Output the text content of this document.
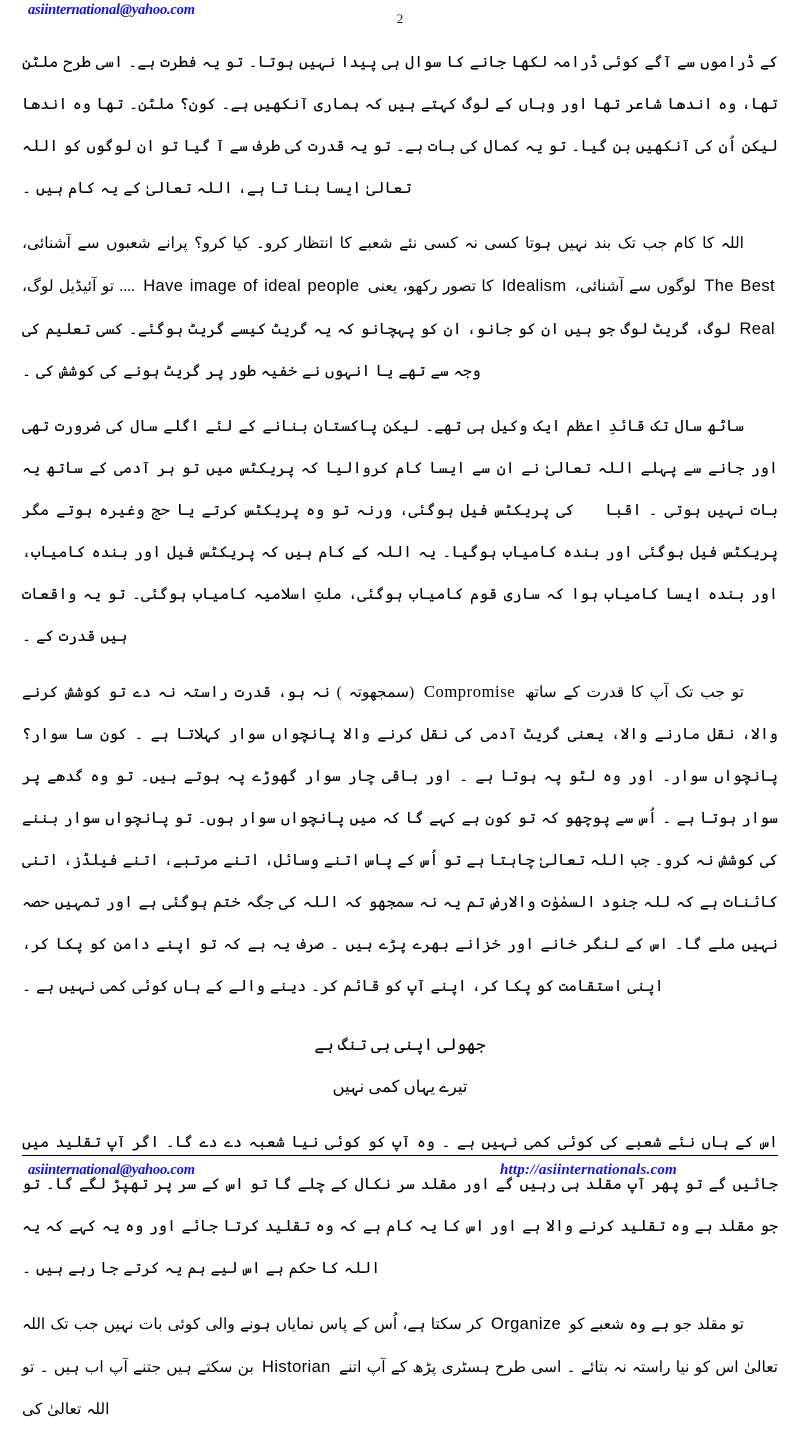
asiinternational@yahoo.com
2

کے ڈراموں سے آگے کوئی ڈرامہ لکھا جانے کا سوال ہی پیدا نہیں ہوتا۔ تو یہ فطرت ہے۔ اسی طرح ملٹن تھا، وہ اندھا شاعر تھا اور وہاں کے لوگ کہتے ہیں کہ ہماری آنکھیں ہے۔ کون؟ ملٹن۔ تھا وہ اندھا لیکن اُن کی آنکھیں بن گیا۔ تو یہ کمال کی بات ہے۔ تو یہ قدرت کی طرف سے آ گیا تو ان لوگوں کو اللہ تعالیٰ ایسا بنا تا ہے، اللہ تعالیٰ کے یہ کام ہیں ۔

اللہ کا کام جب تک بند نہیں ہوتا کسی نہ کسی نئے شعبے کا انتظار کرو۔ کیا کرو؟ پرانے شعبوں سے آشنائی، The Best لوگوں سے آشنائی، Idealism کا تصور رکھو، یعنی Have image of ideal people .... تو آئیڈیل لوگ، Real لوگ، گریٹ لوگ جو ہیں ان کو جانو، ان کو پہچانو کہ یہ گریٹ کیسے گریٹ ہوگئے۔ کسی تعلیم کی وجہ سے تھے یا انہوں نے خفیہ طور پر گریٹ ہونے کی کوشش کی ۔

ساٹھ سال تک قائدِ اعظم ایک وکیل ہی تھے۔ لیکن پاکستان بنانے کے لئے اگلے سال کی ضرورت تھی اور جانے سے پہلے اللہ تعالیٰ نے ان سے ایسا کام کروالیا کہ پریکٹس میں تو ہر آدمی کے ساتھ یہ بات نہیں ہوتی ۔ اقبالؒ کی پریکٹس فیل ہوگئی، ورنہ تو وہ پریکٹس کرتے یا حج وغیرہ ہوتے مگر پریکٹس فیل ہوگئی اور بندہ کامیاب ہوگیا۔ یہ اللہ کے کام ہیں کہ پریکٹس فیل اور بندہ کامیاب، اور بندہ ایسا کامیاب ہوا کہ ساری قوم کامیاب ہوگئی، ملتِ اسلامیہ کامیاب ہوگئی۔ تو یہ واقعات ہیں قدرت کے ۔

تو جب تک آپ کا قدرت کے ساتھ Compromise (سمجھوتہ ) نہ ہو، قدرت راستہ نہ دے تو کوشش کرنے والا، نقل مارنے والا، یعنی گریٹ آدمی کی نقل کرنے والا پانچواں سوار کہلاتا ہے ۔ کون سا سوار؟ پانچواں سوار۔ اور وہ لٹو پہ ہوتا ہے ۔ اور باقی چار سوار گھوڑے پہ ہوتے ہیں۔ تو وہ گدھے پر سوار ہوتا ہے ۔ اُس سے پوچھو کہ تو کون ہے کہے گا کہ میں پانچواں سوار ہوں۔ تو پانچواں سوار بننے کی کوشش نہ کرو۔ جب اللہ تعالیٰ چاہتا ہے تو اُس کے پاس اتنے وسائل، اتنے مرتبے، اتنے فیلڈز، اتنی کائنات ہے کہ للہ جنود السمٰوٰت والارض تم یہ نہ سمجھو کہ اللہ کی جگہ ختم ہوگئی ہے اور تمہیں حصہ نہیں ملے گا۔ اس کے لنگر خانے اور خزانے بھرے پڑے ہیں ۔ صرف یہ ہے کہ تو اپنے دامن کو پکا کر، اپنی استقامت کو پکا کر، اپنے آپ کو قائم کر۔ دینے والے کے ہاں کوئی کمی نہیں ہے ۔

جھولی اپنی ہی تنگ ہے
تیرے یہاں کمی نہیں

اس کے ہاں نئے شعبے کی کوئی کمی نہیں ہے ۔ وہ آپ کو کوئی نیا شعبہ دے دے گا۔ اگر آپ تقلید میں جائیں گے تو پھر آپ مقلد ہی رہیں گے اور مقلد سر نکال کے چلے گا تو اس کے سر پر تھپڑ لگے گا۔ تو جو مقلد ہے وہ تقلید کرنے والا ہے اور اس کا یہ کام ہے کہ وہ تقلید کرتا جائے اور وہ یہ کہے کہ یہ اللہ کا حکم ہے اس لیے ہم یہ کرتے جا رہے ہیں ۔

تو مقلد جو ہے وہ شعبے کو Organize کر سکتا ہے، اُس کے پاس نمایاں ہونے والی کوئی بات نہیں جب تک اللہ تعالیٰ اس کو نیا راستہ نہ بتائے ۔ اسی طرح ہسٹری پڑھ کے آپ اتنے Historian بن سکتے ہیں جتنے آپ اب ہیں ۔ تو اللہ تعالیٰ کی

asiinternational@yahoo.com	http://asiinternationals.com
